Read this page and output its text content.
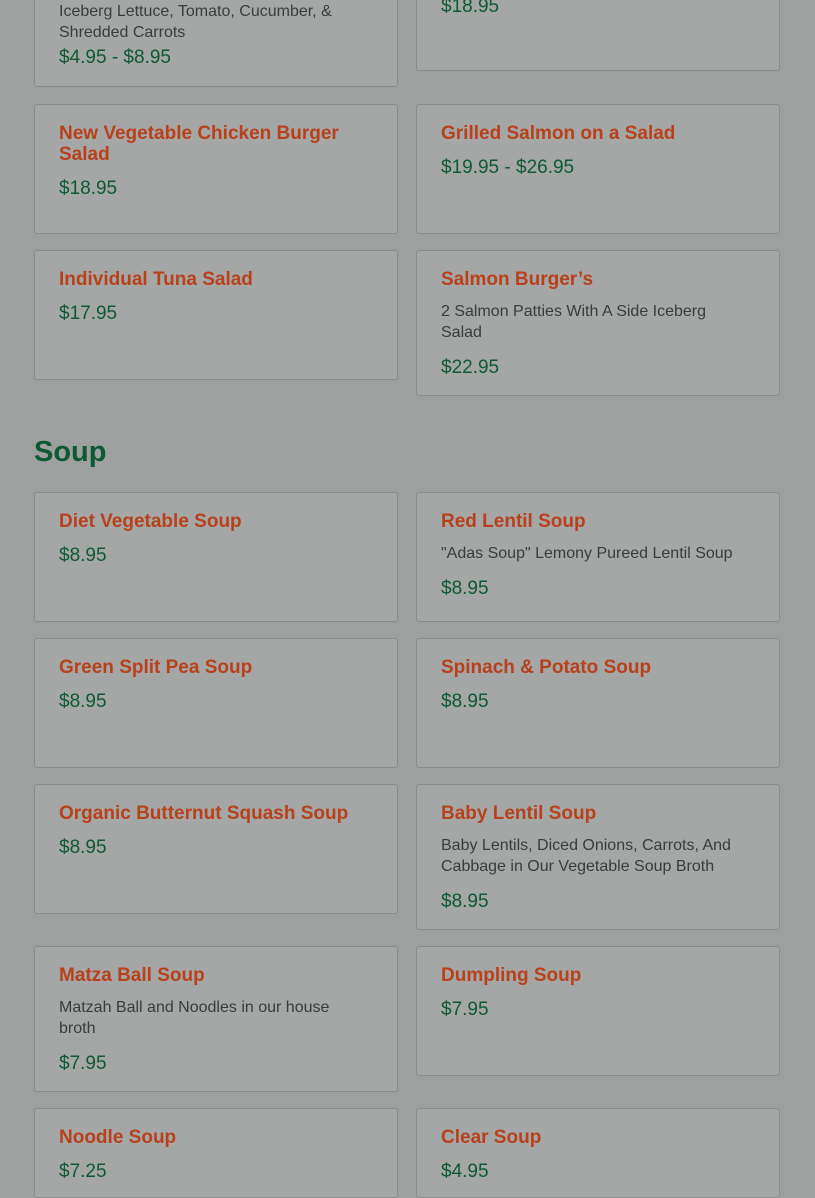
Iceberg Lettuce, Tomato, Cucumber, & Shredded Carrots
$4.95 - $8.95
$18.95
New Vegetable Chicken Burger Salad
$18.95
Grilled Salmon on a Salad
$19.95 - $26.95
Individual Tuna Salad
$17.95
Salmon Burger’s
2 Salmon Patties With A Side Iceberg Salad
$22.95
Soup
Diet Vegetable Soup
$8.95
Red Lentil Soup
"Adas Soup" Lemony Pureed Lentil Soup
$8.95
Green Split Pea Soup
$8.95
Spinach & Potato Soup
$8.95
Organic Butternut Squash Soup
$8.95
Baby Lentil Soup
Baby Lentils, Diced Onions, Carrots, And Cabbage in Our Vegetable Soup Broth
$8.95
Matza Ball Soup
Matzah Ball and Noodles in our house broth
$7.95
Dumpling Soup
$7.95
Noodle Soup
$7.25
Clear Soup
$4.95
